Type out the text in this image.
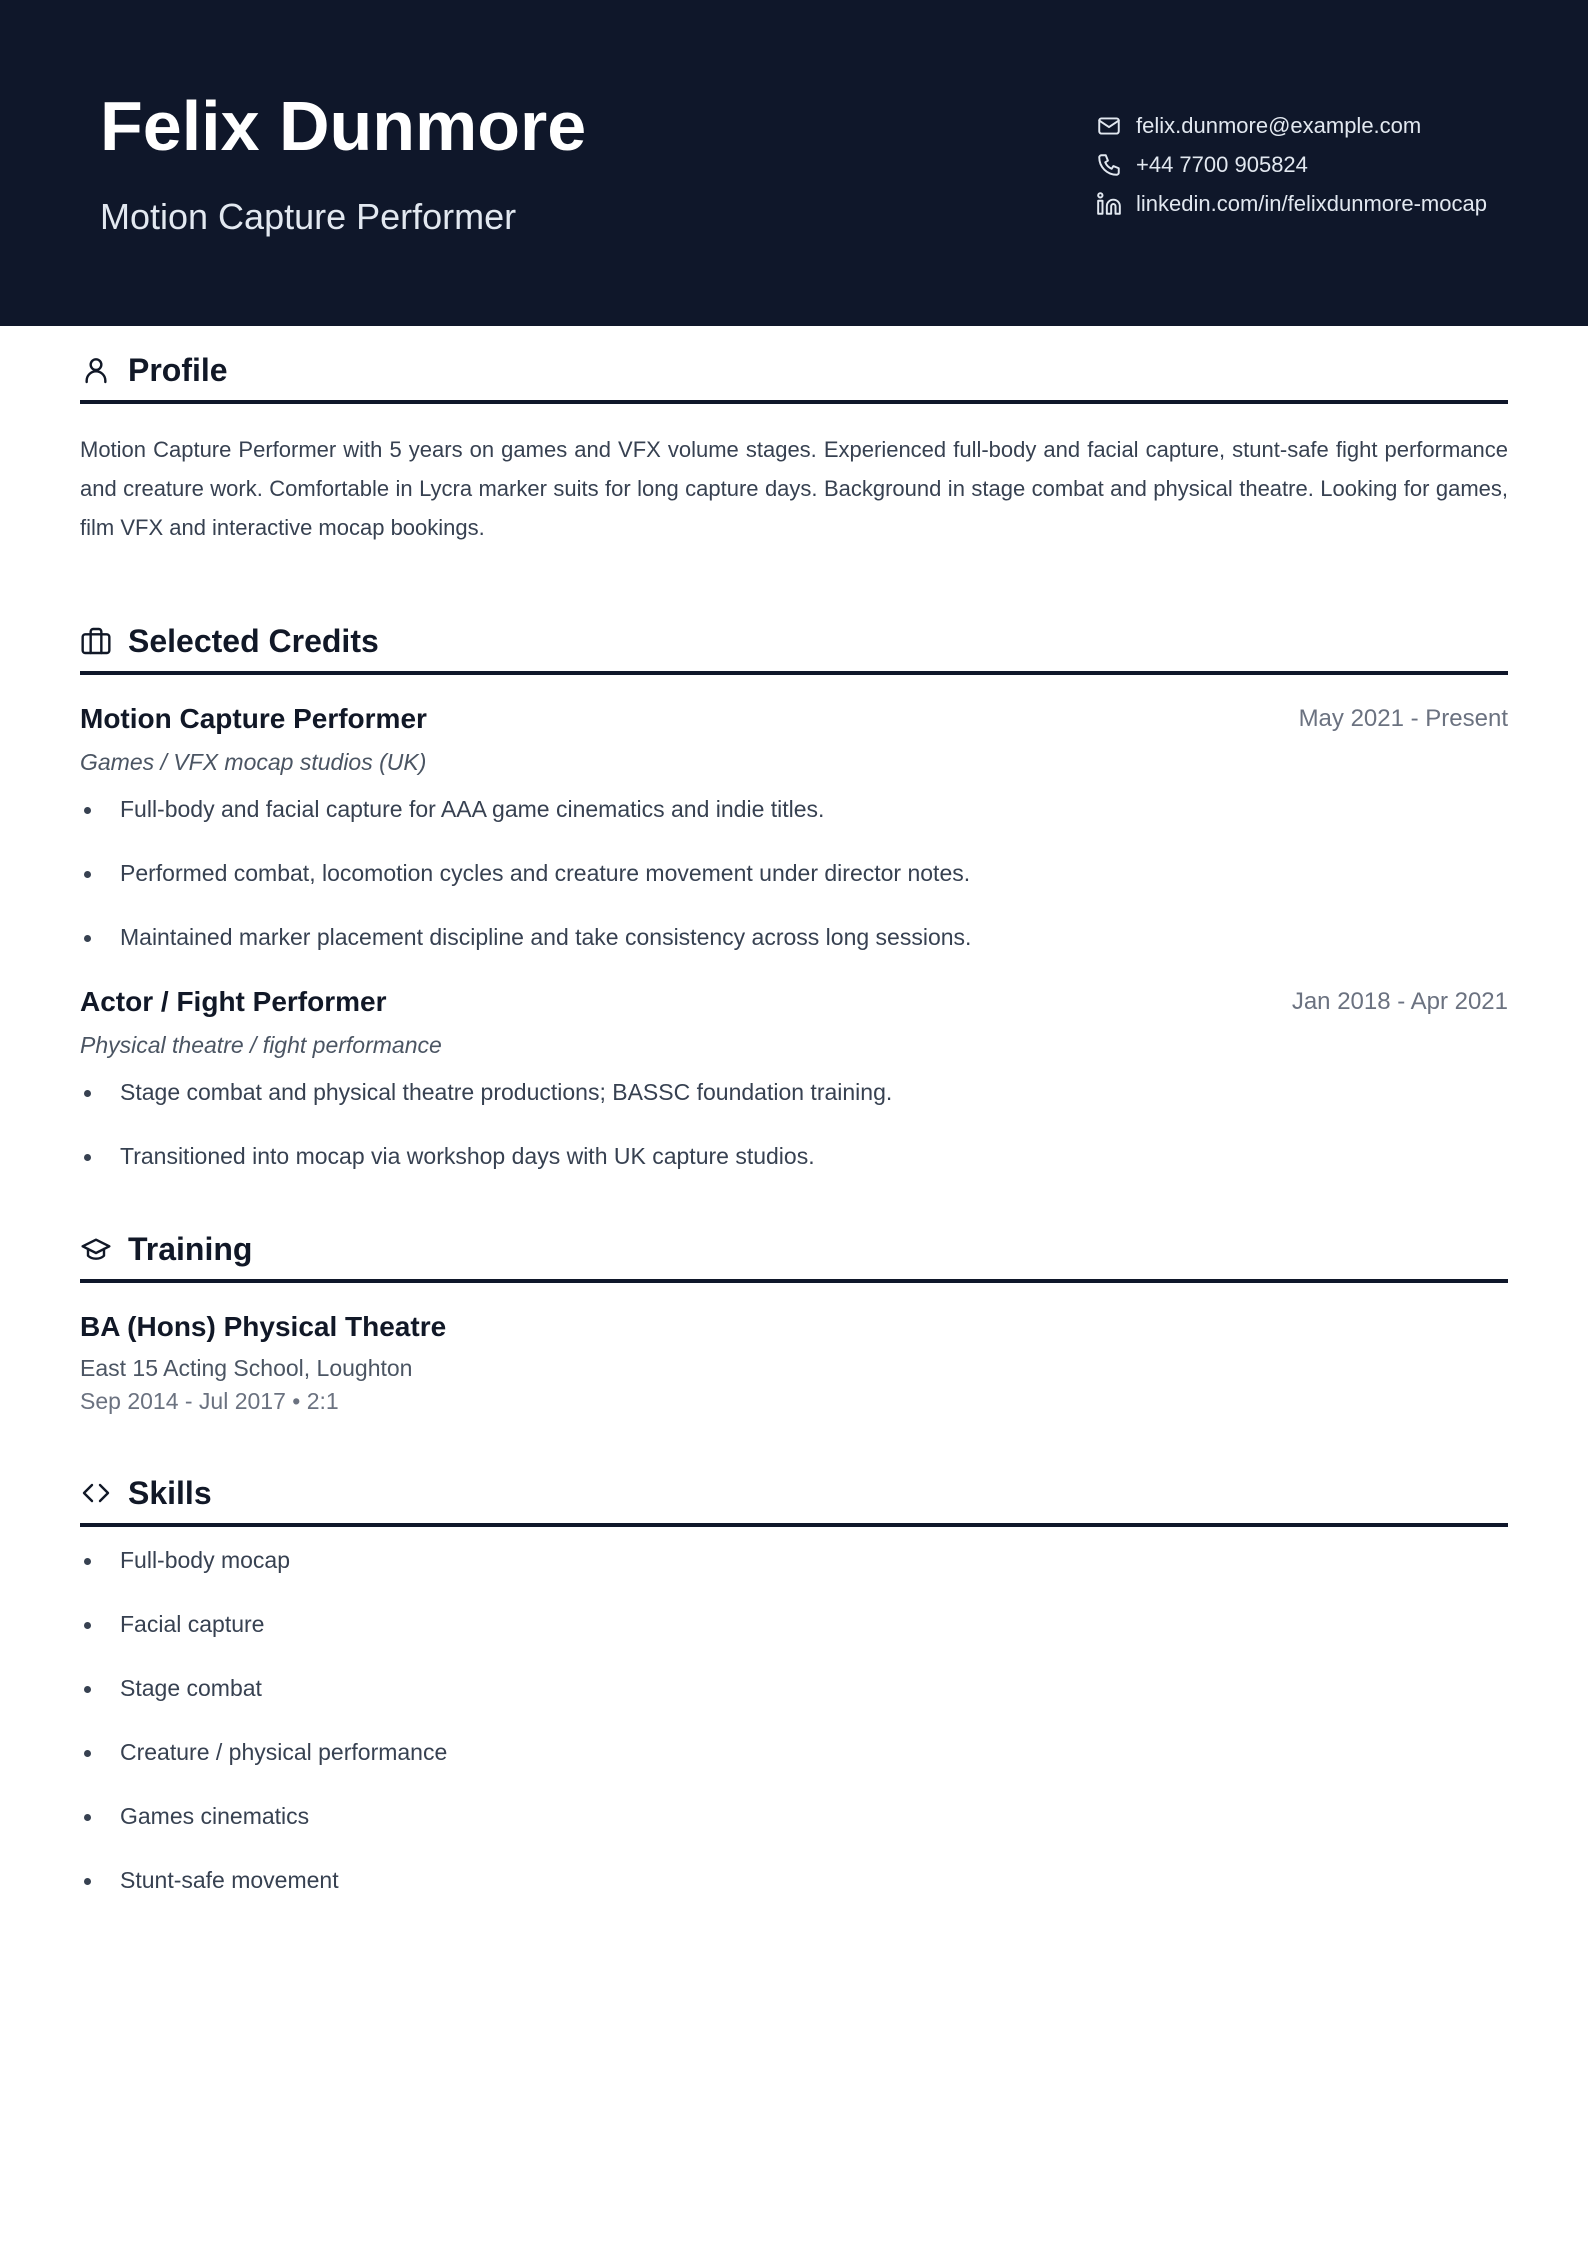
Felix Dunmore
Motion Capture Performer
felix.dunmore@example.com
+44 7700 905824
linkedin.com/in/felixdunmore-mocap
Profile

Motion Capture Performer with 5 years on games and VFX volume stages. Experienced full-body and facial capture, stunt-safe fight performance and creature work. Comfortable in Lycra marker suits for long capture days. Background in stage combat and physical theatre. Looking for games, film VFX and interactive mocap bookings.

Selected Credits
Motion Capture Performer	May 2021 - Present
Games / VFX mocap studios (UK)
Full-body and facial capture for AAA game cinematics and indie titles.
Performed combat, locomotion cycles and creature movement under director notes.
Maintained marker placement discipline and take consistency across long sessions.
Actor / Fight Performer	Jan 2018 - Apr 2021
Physical theatre / fight performance
Stage combat and physical theatre productions; BASSC foundation training.
Transitioned into mocap via workshop days with UK capture studios.
Training
BA (Hons) Physical Theatre
East 15 Acting School, Loughton
Sep 2014 - Jul 2017 • 2:1
Skills
Full-body mocap
Facial capture
Stage combat
Creature / physical performance
Games cinematics
Stunt-safe movement
